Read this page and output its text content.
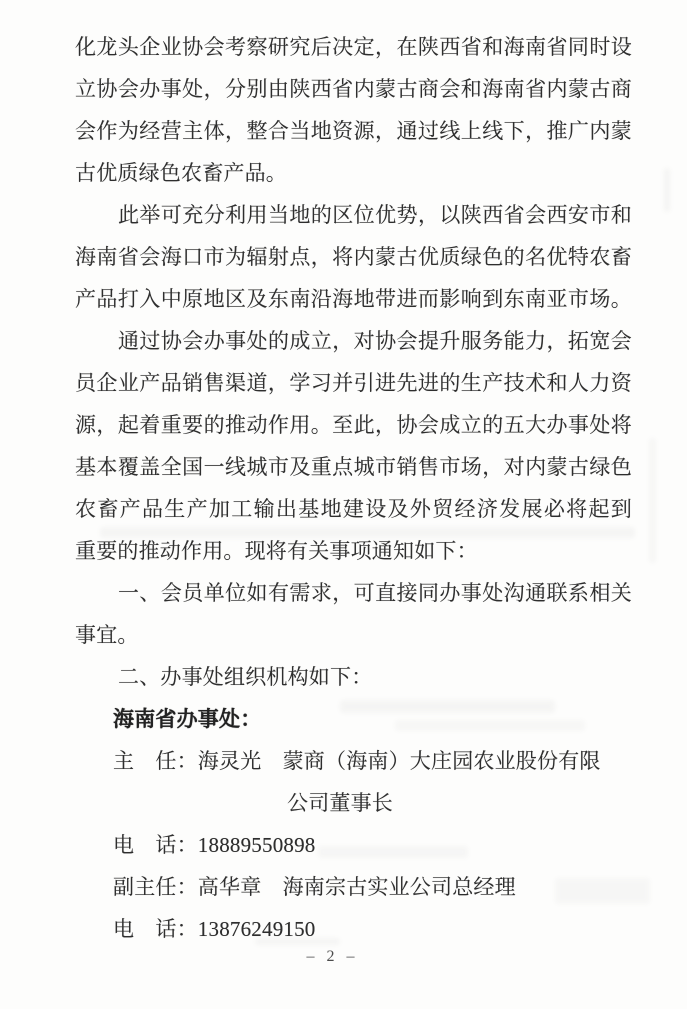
化龙头企业协会考察研究后决定，在陕西省和海南省同时设
立协会办事处，分别由陕西省内蒙古商会和海南省内蒙古商
会作为经营主体，整合当地资源，通过线上线下，推广内蒙
古优质绿色农畜产品。
此举可充分利用当地的区位优势，以陕西省会西安市和
海南省会海口市为辐射点，将内蒙古优质绿色的名优特农畜
产品打入中原地区及东南沿海地带进而影响到东南亚市场。
通过协会办事处的成立，对协会提升服务能力，拓宽会
员企业产品销售渠道，学习并引进先进的生产技术和人力资
源，起着重要的推动作用。至此，协会成立的五大办事处将
基本覆盖全国一线城市及重点城市销售市场，对内蒙古绿色
农畜产品生产加工输出基地建设及外贸经济发展必将起到
重要的推动作用。现将有关事项通知如下：
一、会员单位如有需求，可直接同办事处沟通联系相关
事宜。
二、办事处组织机构如下：
海南省办事处：
主　任：海灵光　蒙商（海南）大庄园农业股份有限
公司董事长
电　话：18889550898
副主任：高华章　海南宗古实业公司总经理
电　话：13876249150
– 2 –
